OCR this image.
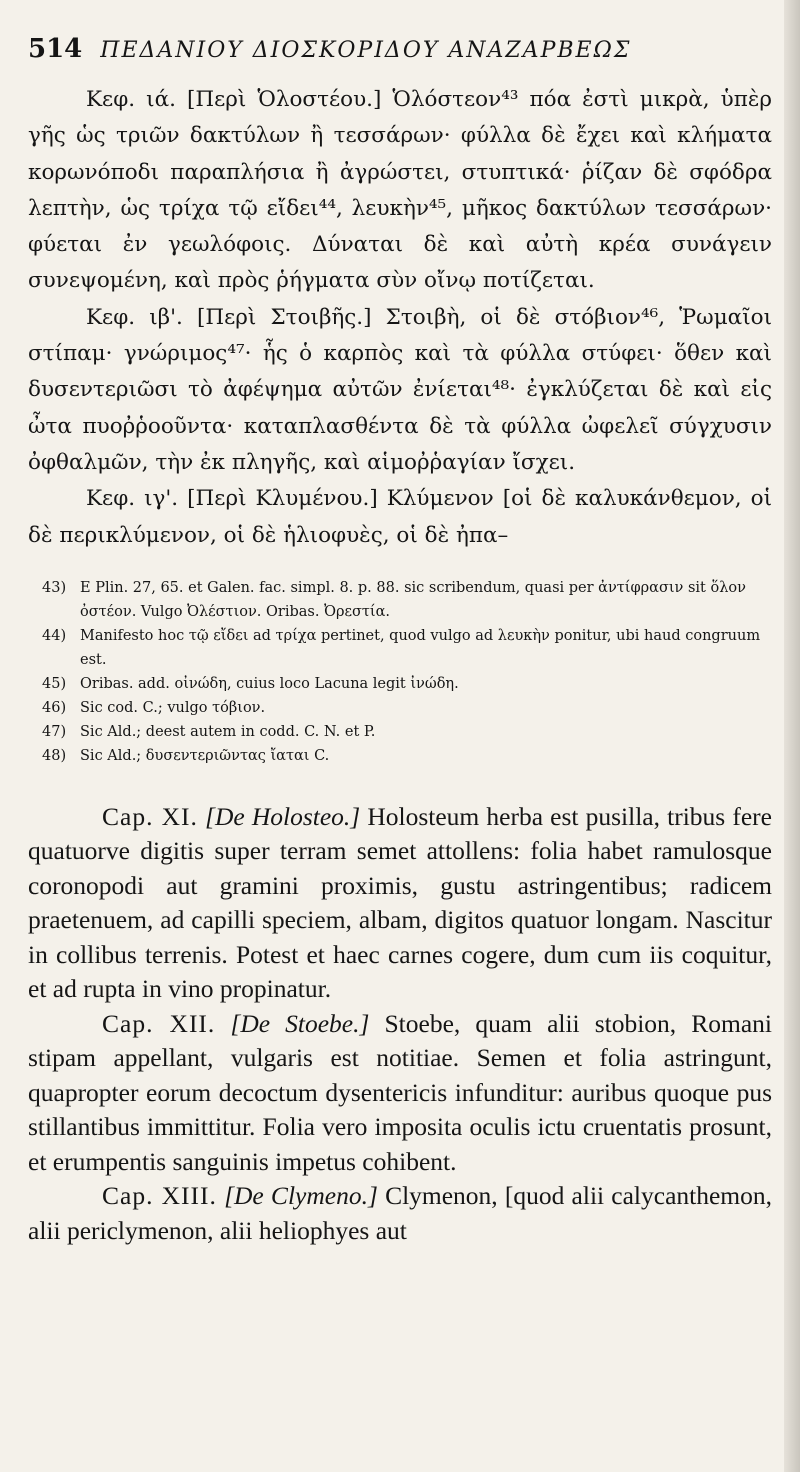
514 ΠΕΔΑΝΙΟΥ ΔΙΟΣΚΟΡΙΔΟΥ ΑΝΑΖΑΡΒΕΩΣ

Κεφ. ιά. [Περὶ Ὁλοστέου.] Ὁλόστεον⁴³ πόα ἐστὶ μικρὰ, ὑπὲρ γῆς ὡς τριῶν δακτύλων ἢ τεσσάρων· φύλλα δὲ ἔχει καὶ κλήματα κορωνόποδι παραπλήσια ἢ ἀγρώστει, στυπτικά· ῥίζαν δὲ σφόδρα λεπτὴν, ὡς τρίχα τῷ εἴδει⁴⁴, λευκὴν⁴⁵, μῆκος δακτύλων τεσσάρων· φύεται ἐν γεωλόφοις. Δύναται δὲ καὶ αὐτὴ κρέα συνάγειν συνεψομένη, καὶ πρὸς ῥήγματα σὺν οἴνῳ ποτίζεται.

Κεφ. ιβ'. [Περὶ Στοιβῆς.] Στοιβὴ, οἱ δὲ στόβιον⁴⁶, Ῥωμαῖοι στίπαμ· γνώριμος⁴⁷· ἧς ὁ καρπὸς καὶ τὰ φύλλα στύφει· ὅθεν καὶ δυσεντεριῶσι τὸ ἀφέψημα αὐτῶν ἐνίεται⁴⁸· ἐγκλύζεται δὲ καὶ εἰς ὦτα πυοῤῥοοῦντα· καταπλασθέντα δὲ τὰ φύλλα ὠφελεῖ σύγχυσιν ὀφθαλμῶν, τὴν ἐκ πληγῆς, καὶ αἱμοῤῥαγίαν ἴσχει.

Κεφ. ιγ'. [Περὶ Κλυμένου.] Κλύμενον [οἱ δὲ καλυκάνθεμον, οἱ δὲ περικλύμενον, οἱ δὲ ἡλιοφυὲς, οἱ δὲ ἠπα–

43) E Plin. 27, 65. et Galen. fac. simpl. 8. p. 88. sic scribendum, quasi per ἀντίφρασιν sit ὅλον ὀστέον. Vulgo Ὀλέστιον. Oribas. Ὀρεστία.
44) Manifesto hoc τῷ εἴδει ad τρίχα pertinet, quod vulgo ad λευκὴν ponitur, ubi haud congruum est.
45) Oribas. add. οἰνώδη, cuius loco Lacuna legit ἰνώδη.
46) Sic cod. C.; vulgo τόβιον.
47) Sic Ald.; deest autem in codd. C. N. et P.
48) Sic Ald.; δυσεντεριῶντας ἴαται C.

Cap. XI. [De Holosteo.] Holosteum herba est pusilla, tribus fere quatuorve digitis super terram semet attollens: folia habet ramulosque coronopodi aut gramini proximis, gustu astringentibus; radicem praetenuem, ad capilli speciem, albam, digitos quatuor longam. Nascitur in collibus terrenis. Potest et haec carnes cogere, dum cum iis coquitur, et ad rupta in vino propinatur.

Cap. XII. [De Stoebe.] Stoebe, quam alii stobion, Romani stipam appellant, vulgaris est notitiae. Semen et folia astringunt, quapropter eorum decoctum dysentericis infunditur: auribus quoque pus stillantibus immittitur. Folia vero imposita oculis ictu cruentatis prosunt, et erumpentis sanguinis impetus cohibent.

Cap. XIII. [De Clymeno.] Clymenon, [quod alii calycanthemon, alii periclymenon, alii heliophyes aut
